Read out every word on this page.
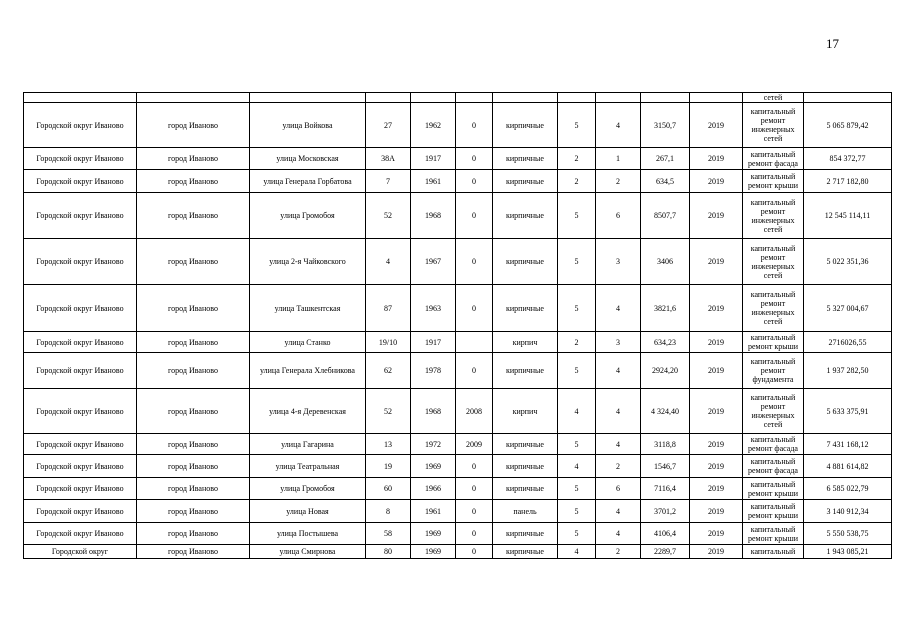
17
											сетей	
Городской округ Иваново	город Иваново	улица Войкова	27	1962	0	кирпичные	5	4	3150,7	2019	капитальный ремонт инженерных сетей	5 065 879,42
Городской округ Иваново	город Иваново	улица Московская	38А	1917	0	кирпичные	2	1	267,1	2019	капитальный ремонт фасада	854 372,77
Городской округ Иваново	город Иваново	улица Генерала Горбатова	7	1961	0	кирпичные	2	2	634,5	2019	капитальный ремонт крыши	2 717 182,80
Городской округ Иваново	город Иваново	улица Громобоя	52	1968	0	кирпичные	5	6	8507,7	2019	капитальный ремонт инженерных сетей	12 545 114,11
Городской округ Иваново	город Иваново	улица 2-я Чайковского	4	1967	0	кирпичные	5	3	3406	2019	капитальный ремонт инженерных сетей	5 022 351,36
Городской округ Иваново	город Иваново	улица Ташкентская	87	1963	0	кирпичные	5	4	3821,6	2019	капитальный ремонт инженерных сетей	5 327 004,67
Городской округ Иваново	город Иваново	улица Станко	19/10	1917		кирпич	2	3	634,23	2019	капитальный ремонт крыши	2716026,55
Городской округ Иваново	город Иваново	улица Генерала Хлебникова	62	1978	0	кирпичные	5	4	2924,20	2019	капитальный ремонт фундамента	1 937 282,50
Городской округ Иваново	город Иваново	улица 4-я Деревенская	52	1968	2008	кирпич	4	4	4 324,40	2019	капитальный ремонт инженерных сетей	5 633 375,91
Городской округ Иваново	город Иваново	улица Гагарина	13	1972	2009	кирпичные	5	4	3118,8	2019	капитальный ремонт фасада	7 431 168,12
Городской округ Иваново	город Иваново	улица Театральная	19	1969	0	кирпичные	4	2	1546,7	2019	капитальный ремонт фасада	4 881 614,82
Городской округ Иваново	город Иваново	улица Громобоя	60	1966	0	кирпичные	5	6	7116,4	2019	капитальный ремонт крыши	6 585 022,79
Городской округ Иваново	город Иваново	улица Новая	8	1961	0	панель	5	4	3701,2	2019	капитальный ремонт крыши	3 140 912,34
Городской округ Иваново	город Иваново	улица Постышева	58	1969	0	кирпичные	5	4	4106,4	2019	капитальный ремонт крыши	5 550 538,75
Городской округ	город Иваново	улица Смирнова	80	1969	0	кирпичные	4	2	2289,7	2019	капитальный	1 943 085,21
